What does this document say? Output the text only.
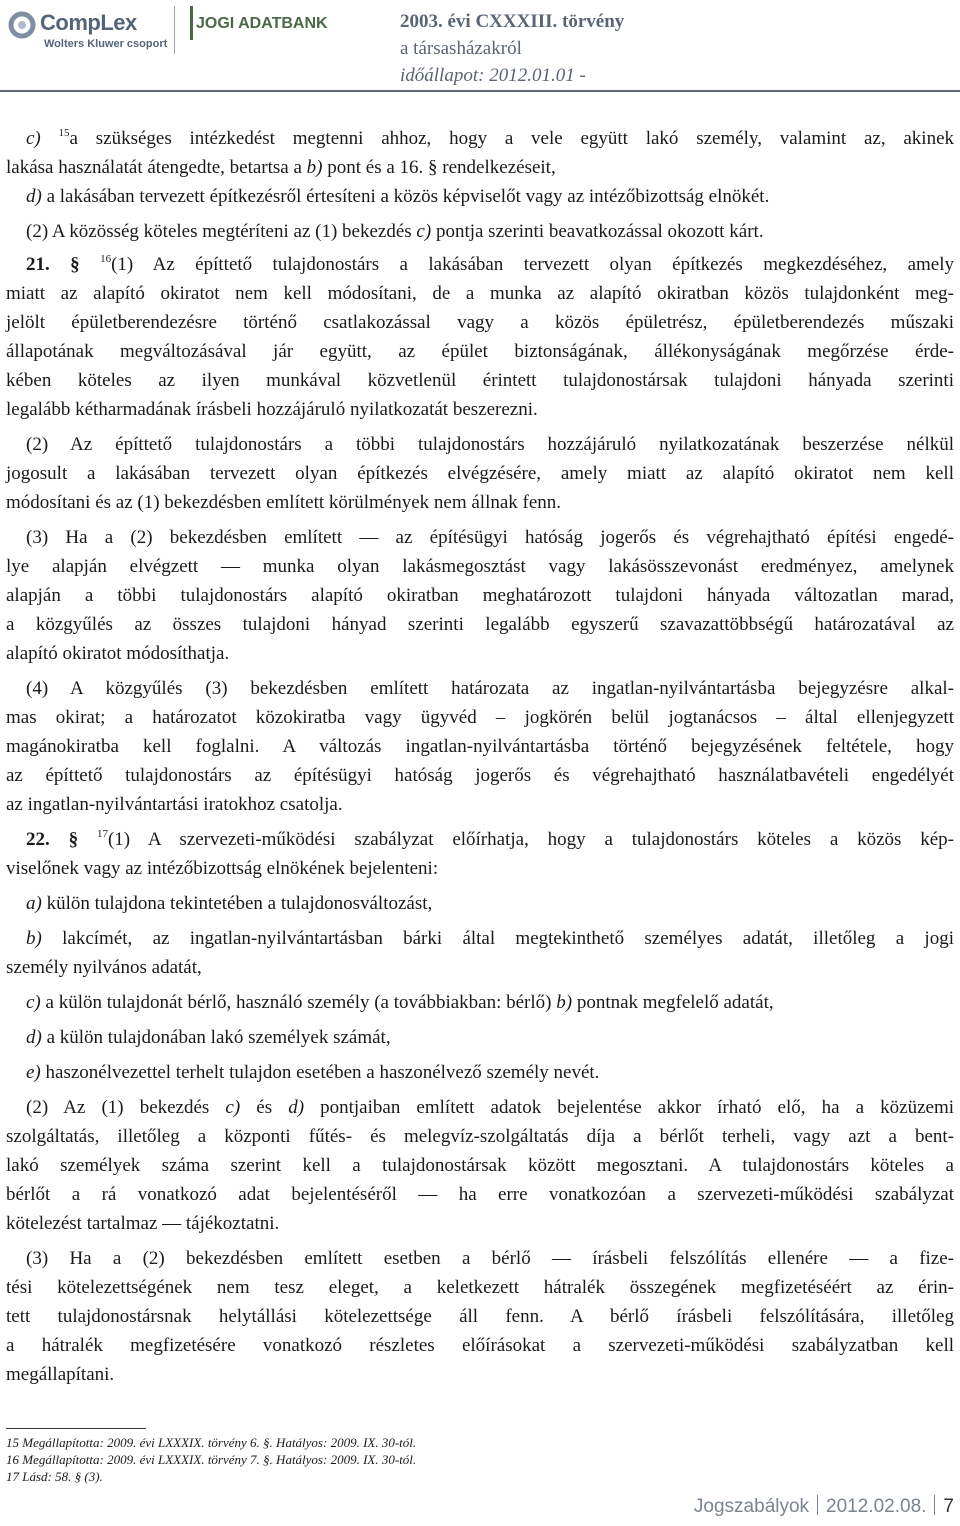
CompLex
Wolters Kluwer csoport
JOGI ADATBANK	2003. évi CXXXIII. törvény
a társasházakról
időállapot: 2012.01.01 -

c) $^{15}$a szükséges intézkedést megtenni ahhoz, hogy a vele együtt lakó személy, valamint az, akinek

lakása használatát átengedte, betartsa a b) pont és a 16. § rendelkezéseit,

d) a lakásában tervezett építkezésről értesíteni a közös képviselőt vagy az intézőbizottság elnökét.

(2) A közösség köteles megtéríteni az (1) bekezdés c) pontja szerinti beavatkozással okozott kárt.

21. § $^{16}$(1) Az építtető tulajdonostárs a lakásában tervezett olyan építkezés megkezdéséhez, amely

miatt az alapító okiratot nem kell módosítani, de a munka az alapító okiratban közös tulajdonként meg-

jelölt épületberendezésre történő csatlakozással vagy a közös épületrész, épületberendezés műszaki

állapotának megváltozásával jár együtt, az épület biztonságának, állékonyságának megőrzése érde-

kében köteles az ilyen munkával közvetlenül érintett tulajdonostársak tulajdoni hányada szerinti

legalább kétharmadának írásbeli hozzájáruló nyilatkozatát beszerezni.

(2) Az építtető tulajdonostárs a többi tulajdonostárs hozzájáruló nyilatkozatának beszerzése nélkül

jogosult a lakásában tervezett olyan építkezés elvégzésére, amely miatt az alapító okiratot nem kell

módosítani és az (1) bekezdésben említett körülmények nem állnak fenn.

(3) Ha a (2) bekezdésben említett — az építésügyi hatóság jogerős és végrehajtható építési engedé-

lye alapján elvégzett — munka olyan lakásmegosztást vagy lakásösszevonást eredményez, amelynek

alapján a többi tulajdonostárs alapító okiratban meghatározott tulajdoni hányada változatlan marad,

a közgyűlés az összes tulajdoni hányad szerinti legalább egyszerű szavazattöbbségű határozatával az

alapító okiratot módosíthatja.

(4) A közgyűlés (3) bekezdésben említett határozata az ingatlan-nyilvántartásba bejegyzésre alkal-

mas okirat; a határozatot közokiratba vagy ügyvéd – jogkörén belül jogtanácsos – által ellenjegyzett

magánokiratba kell foglalni. A változás ingatlan-nyilvántartásba történő bejegyzésének feltétele, hogy

az építtető tulajdonostárs az építésügyi hatóság jogerős és végrehajtható használatbavételi engedélyét

az ingatlan-nyilvántartási iratokhoz csatolja.

22. § $^{17}$(1) A szervezeti-működési szabályzat előírhatja, hogy a tulajdonostárs köteles a közös kép-

viselőnek vagy az intézőbizottság elnökének bejelenteni:

a) külön tulajdona tekintetében a tulajdonosváltozást,

b) lakcímét, az ingatlan-nyilvántartásban bárki által megtekinthető személyes adatát, illetőleg a jogi

személy nyilvános adatát,

c) a külön tulajdonát bérlő, használó személy (a továbbiakban: bérlő) b) pontnak megfelelő adatát,

d) a külön tulajdonában lakó személyek számát,

e) haszonélvezettel terhelt tulajdon esetében a haszonélvező személy nevét.

(2) Az (1) bekezdés c) és d) pontjaiban említett adatok bejelentése akkor írható elő, ha a közüzemi

szolgáltatás, illetőleg a központi fűtés- és melegvíz-szolgáltatás díja a bérlőt terheli, vagy azt a bent-

lakó személyek száma szerint kell a tulajdonostársak között megosztani. A tulajdonostárs köteles a

bérlőt a rá vonatkozó adat bejelentéséről — ha erre vonatkozóan a szervezeti-működési szabályzat

kötelezést tartalmaz — tájékoztatni.

(3) Ha a (2) bekezdésben említett esetben a bérlő — írásbeli felszólítás ellenére — a fize-

tési kötelezettségének nem tesz eleget, a keletkezett hátralék összegének megfizetéséért az érin-

tett tulajdonostársnak helytállási kötelezettsége áll fenn. A bérlő írásbeli felszólítására, illetőleg

a hátralék megfizetésére vonatkozó részletes előírásokat a szervezeti-működési szabályzatban kell

megállapítani.

15 Megállapította: 2009. évi LXXXIX. törvény 6. §. Hatályos: 2009. IX. 30-tól.
16 Megállapította: 2009. évi LXXXIX. törvény 7. §. Hatályos: 2009. IX. 30-tól.
17 Lásd: 58. § (3).
Jogszabályok 2012.02.08. 7
